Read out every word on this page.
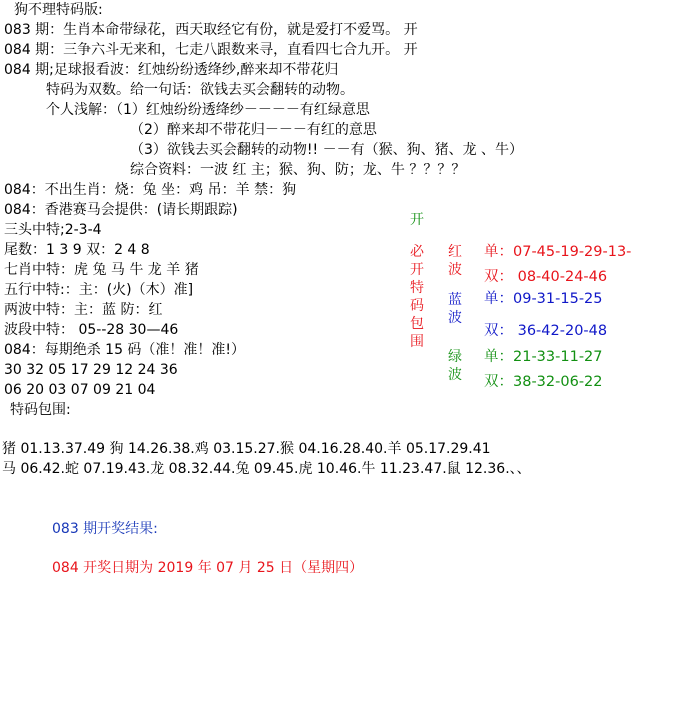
狗不理特码版:
083 期：生肖本命带绿花，西天取经它有份，就是爱打不爱骂。 开
084 期：三争六斗无来和，七走八跟数来寻，直看四七合九开。 开
084 期;足球报看波：红烛纷纷透绛纱,醉来却不带花归
特码为双数。给一句话：欲钱去买会翻转的动物。
个人浅解：（1）红烛纷纷透绛纱－－－－有红绿意思
（2）醉来却不带花归－－－有红的意思
（3）欲钱去买会翻转的动物!! －－有（猴、狗、猪、龙 、牛）
综合资料：一波 红 主；猴、狗、防；龙、牛 ？？？？
084：不出生肖：烧：兔 坐：鸡 吊：羊 禁：狗
084：香港赛马会提供：(请长期跟踪)
三头中特;2-3-4
尾数：1 3 9 双：2 4 8
七肖中特：虎 兔 马 牛 龙 羊 猪
五行中特:：主：(火)（木）准]
两波中特：主：蓝 防：红
波段中特： 05--28 30—46
084：每期绝杀 15 码（准！准！准!）
30 32 05 17 29 12 24 36
06 20 03 07 09 21 04
特码包围:
开
必开特码包围
红波
蓝波
绿波
单：07-45-19-29-13-
双： 08-40-24-46
单：09-31-15-25
双： 36-42-20-48
单：21-33-11-27
双：38-32-06-22
猪 01.13.37.49 狗 14.26.38.鸡 03.15.27.猴 04.16.28.40.羊 05.17.29.41
马 06.42.蛇 07.19.43.龙 08.32.44.兔 09.45.虎 10.46.牛 11.23.47.鼠 12.36.、、
083 期开奖结果:
084 开奖日期为 2019 年 07 月 25 日（星期四）
